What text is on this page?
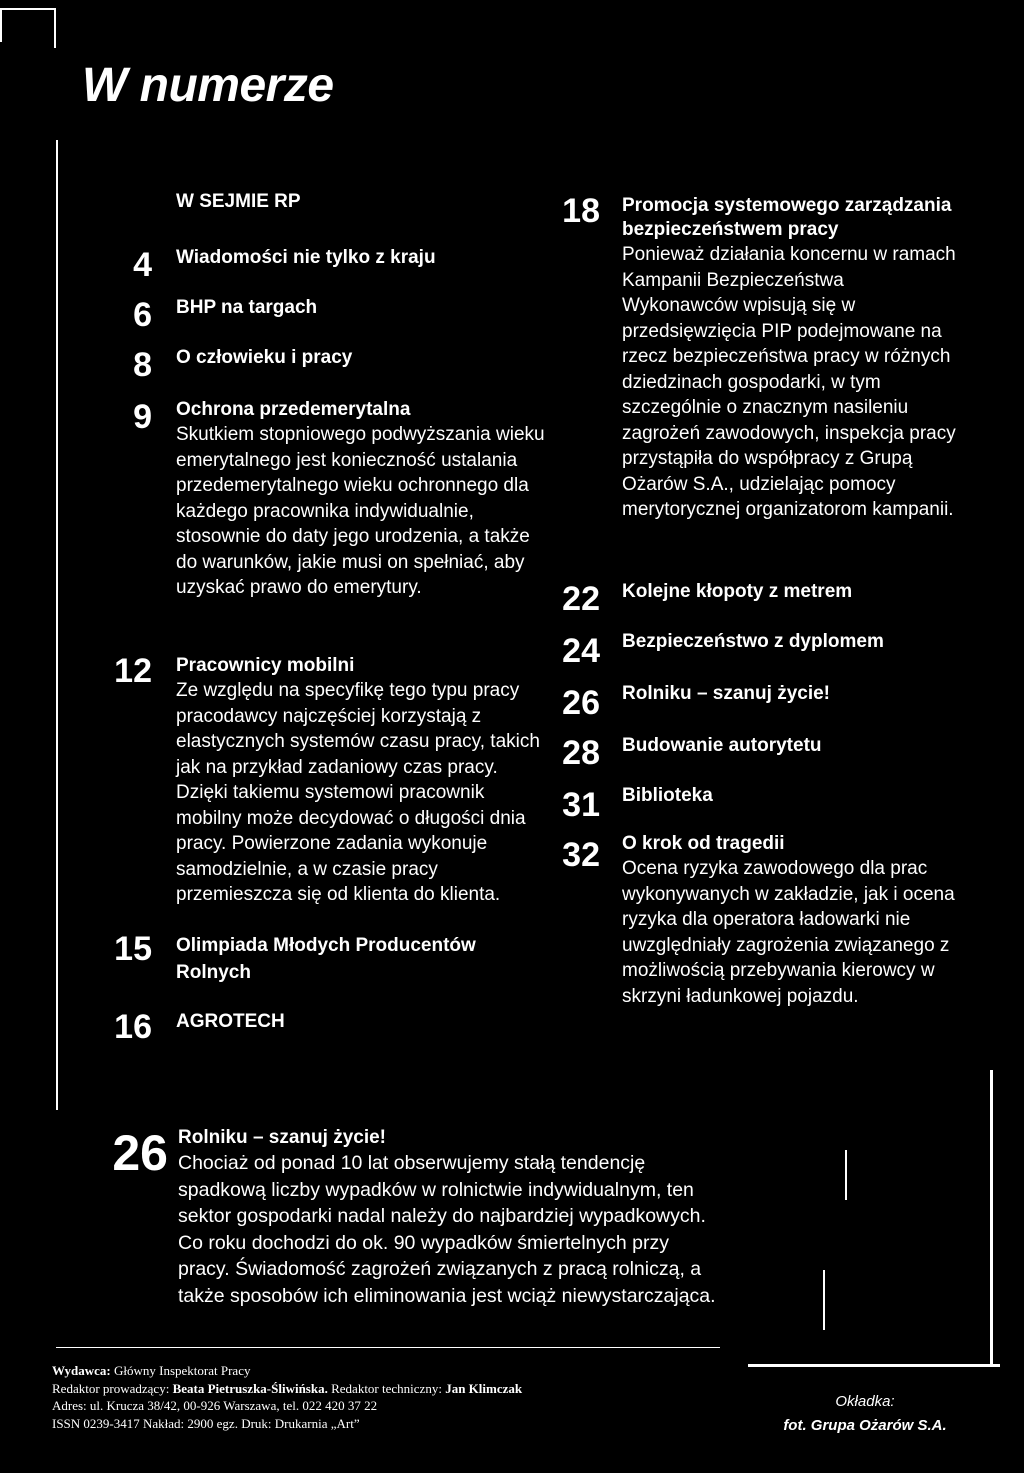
W numerze
W SEJMIE RP
4 Wiadomości nie tylko z kraju
6 BHP na targach
8 O człowieku i pracy
9 Ochrona przedemerytalna
Skutkiem stopniowego podwyższania wieku emerytalnego jest konieczność ustalania przedemerytalnego wieku ochronnego dla każdego pracownika indywidualnie, stosownie do daty jego urodzenia, a także do warunków, jakie musi on spełniać, aby uzyskać prawo do emerytury.
12 Pracownicy mobilni
Ze względu na specyfikę tego typu pracy pracodawcy najczęściej korzystają z elastycznych systemów czasu pracy, takich jak na przykład zadaniowy czas pracy. Dzięki takiemu systemowi pracownik mobilny może decydować o długości dnia pracy. Powierzone zadania wykonuje samodzielnie, a w czasie pracy przemieszcza się od klienta do klienta.
15 Olimpiada Młodych Producentów Rolnych
16 AGROTECH
18 Promocja systemowego zarządzania bezpieczeństwem pracy
Ponieważ działania koncernu w ramach Kampanii Bezpieczeństwa Wykonawców wpisują się w przedsięwzięcia PIP podejmowane na rzecz bezpieczeństwa pracy w różnych dziedzinach gospodarki, w tym szczególnie o znacznym nasileniu zagrożeń zawodowych, inspekcja pracy przystąpiła do współpracy z Grupą Ożarów S.A., udzielając pomocy merytorycznej organizatorom kampanii.
22 Kolejne kłopoty z metrem
24 Bezpieczeństwo z dyplomem
26 Rolniku – szanuj życie!
28 Budowanie autorytetu
31 Biblioteka
32 O krok od tragedii
Ocena ryzyka zawodowego dla prac wykonywanych w zakładzie, jak i ocena ryzyka dla operatora ładowarki nie uwzględniały zagrożenia związanego z możliwością przebywania kierowcy w skrzyni ładunkowej pojazdu.
26 Rolniku – szanuj życie!
Chociaż od ponad 10 lat obserwujemy stałą tendencję spadkową liczby wypadków w rolnictwie indywidualnym, ten sektor gospodarki nadal należy do najbardziej wypadkowych. Co roku dochodzi do ok. 90 wypadków śmiertelnych przy pracy. Świadomość zagrożeń związanych z pracą rolniczą, a także sposobów ich eliminowania jest wciąż niewystarczająca.
Wydawca: Główny Inspektorat Pracy
Redaktor prowadzący: Beata Pietruszka-Śliwińska. Redaktor techniczny: Jan Klimczak
Adres: ul. Krucza 38/42, 00-926 Warszawa, tel. 022 420 37 22
ISSN 0239-3417 Nakład: 2900 egz. Druk: Drukarnia „Art”
Okładka:
fot. Grupa Ożarów S.A.
